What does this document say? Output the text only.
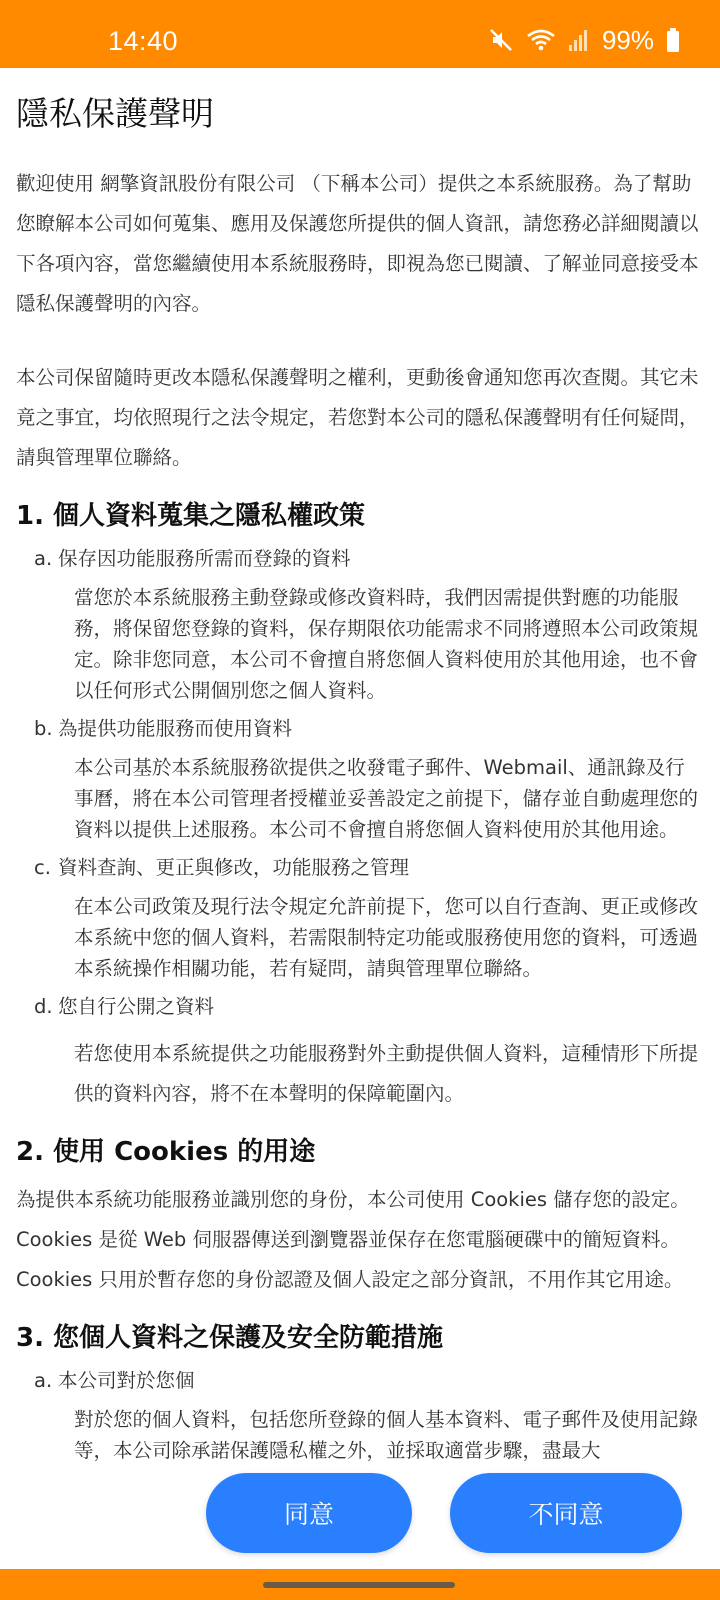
14:40	99%
隱私保護聲明

歡迎使用 網擎資訊股份有限公司 （下稱本公司）提供之本系統服務。為了幫助您瞭解本公司如何蒐集、應用及保護您所提供的個人資訊，請您務必詳細閱讀以下各項內容，當您繼續使用本系統服務時，即視為您已閱讀、了解並同意接受本隱私保護聲明的內容。

本公司保留隨時更改本隱私保護聲明之權利，更動後會通知您再次查閱。其它未竟之事宜，均依照現行之法令規定，若您對本公司的隱私保護聲明有任何疑問，請與管理單位聯絡。

1. 個人資料蒐集之隱私權政策
a. 保存因功能服務所需而登錄的資料
當您於本系統服務主動登錄或修改資料時，我們因需提供對應的功能服務，將保留您登錄的資料，保存期限依功能需求不同將遵照本公司政策規定。除非您同意，本公司不會擅自將您個人資料使用於其他用途，也不會以任何形式公開個別您之個人資料。
b. 為提供功能服務而使用資料
本公司基於本系統服務欲提供之收發電子郵件、Webmail、通訊錄及行事曆，將在本公司管理者授權並妥善設定之前提下，儲存並自動處理您的資料以提供上述服務。本公司不會擅自將您個人資料使用於其他用途。
c. 資料查詢、更正與修改，功能服務之管理
在本公司政策及現行法令規定允許前提下，您可以自行查詢、更正或修改本系統中您的個人資料，若需限制特定功能或服務使用您的資料，可透過本系統操作相關功能，若有疑問，請與管理單位聯絡。
d. 您自行公開之資料
若您使用本系統提供之功能服務對外主動提供個人資料，這種情形下所提供的資料內容，將不在本聲明的保障範圍內。
2. 使用 Cookies 的用途

為提供本系統功能服務並識別您的身份，本公司使用 Cookies 儲存您的設定。Cookies 是從 Web 伺服器傳送到瀏覽器並保存在您電腦硬碟中的簡短資料。Cookies 只用於暫存您的身份認證及個人設定之部分資訊，不用作其它用途。

3. 您個人資料之保護及安全防範措施
a. 本公司對於您個
對於您的個人資料，包括您所登錄的個人基本資料、電子郵件及使用記錄等，本公司除承諾保護隱私權之外，並採取適當步驟，盡最大
同意	不同意
